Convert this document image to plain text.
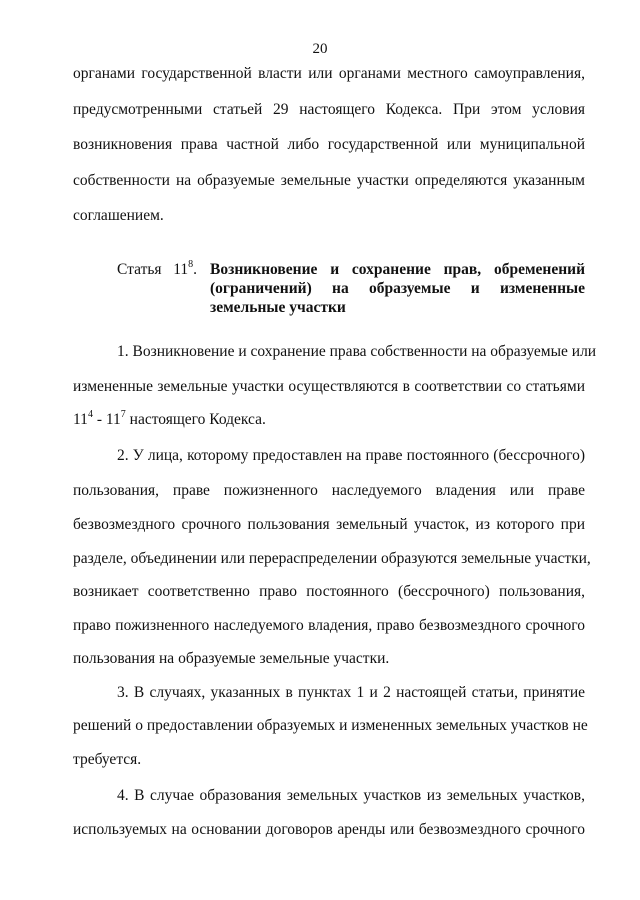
20

органами государственной власти или органами местного самоуправления,

предусмотренными статьей 29 настоящего Кодекса. При этом условия

возникновения права частной либо государственной или муниципальной

собственности на образуемые земельные участки определяются указанным

соглашением.

Статья $11^8$. Возникновение и сохранение прав, обременений
(ограничений) на образуемые и измененные
земельные участки

1. Возникновение и сохранение права собственности на образуемые или

измененные земельные участки осуществляются в соответствии со статьями

$11^4 - 11^7$ настоящего Кодекса.

2. У лица, которому предоставлен на праве постоянного (бессрочного)

пользования, праве пожизненного наследуемого владения или праве

безвозмездного срочного пользования земельный участок, из которого при

разделе, объединении или перераспределении образуются земельные участки,

возникает соответственно право постоянного (бессрочного) пользования,

право пожизненного наследуемого владения, право безвозмездного срочного

пользования на образуемые земельные участки.

3. В случаях, указанных в пунктах 1 и 2 настоящей статьи, принятие

решений о предоставлении образуемых и измененных земельных участков не

требуется.

4. В случае образования земельных участков из земельных участков,

используемых на основании договоров аренды или безвозмездного срочного
